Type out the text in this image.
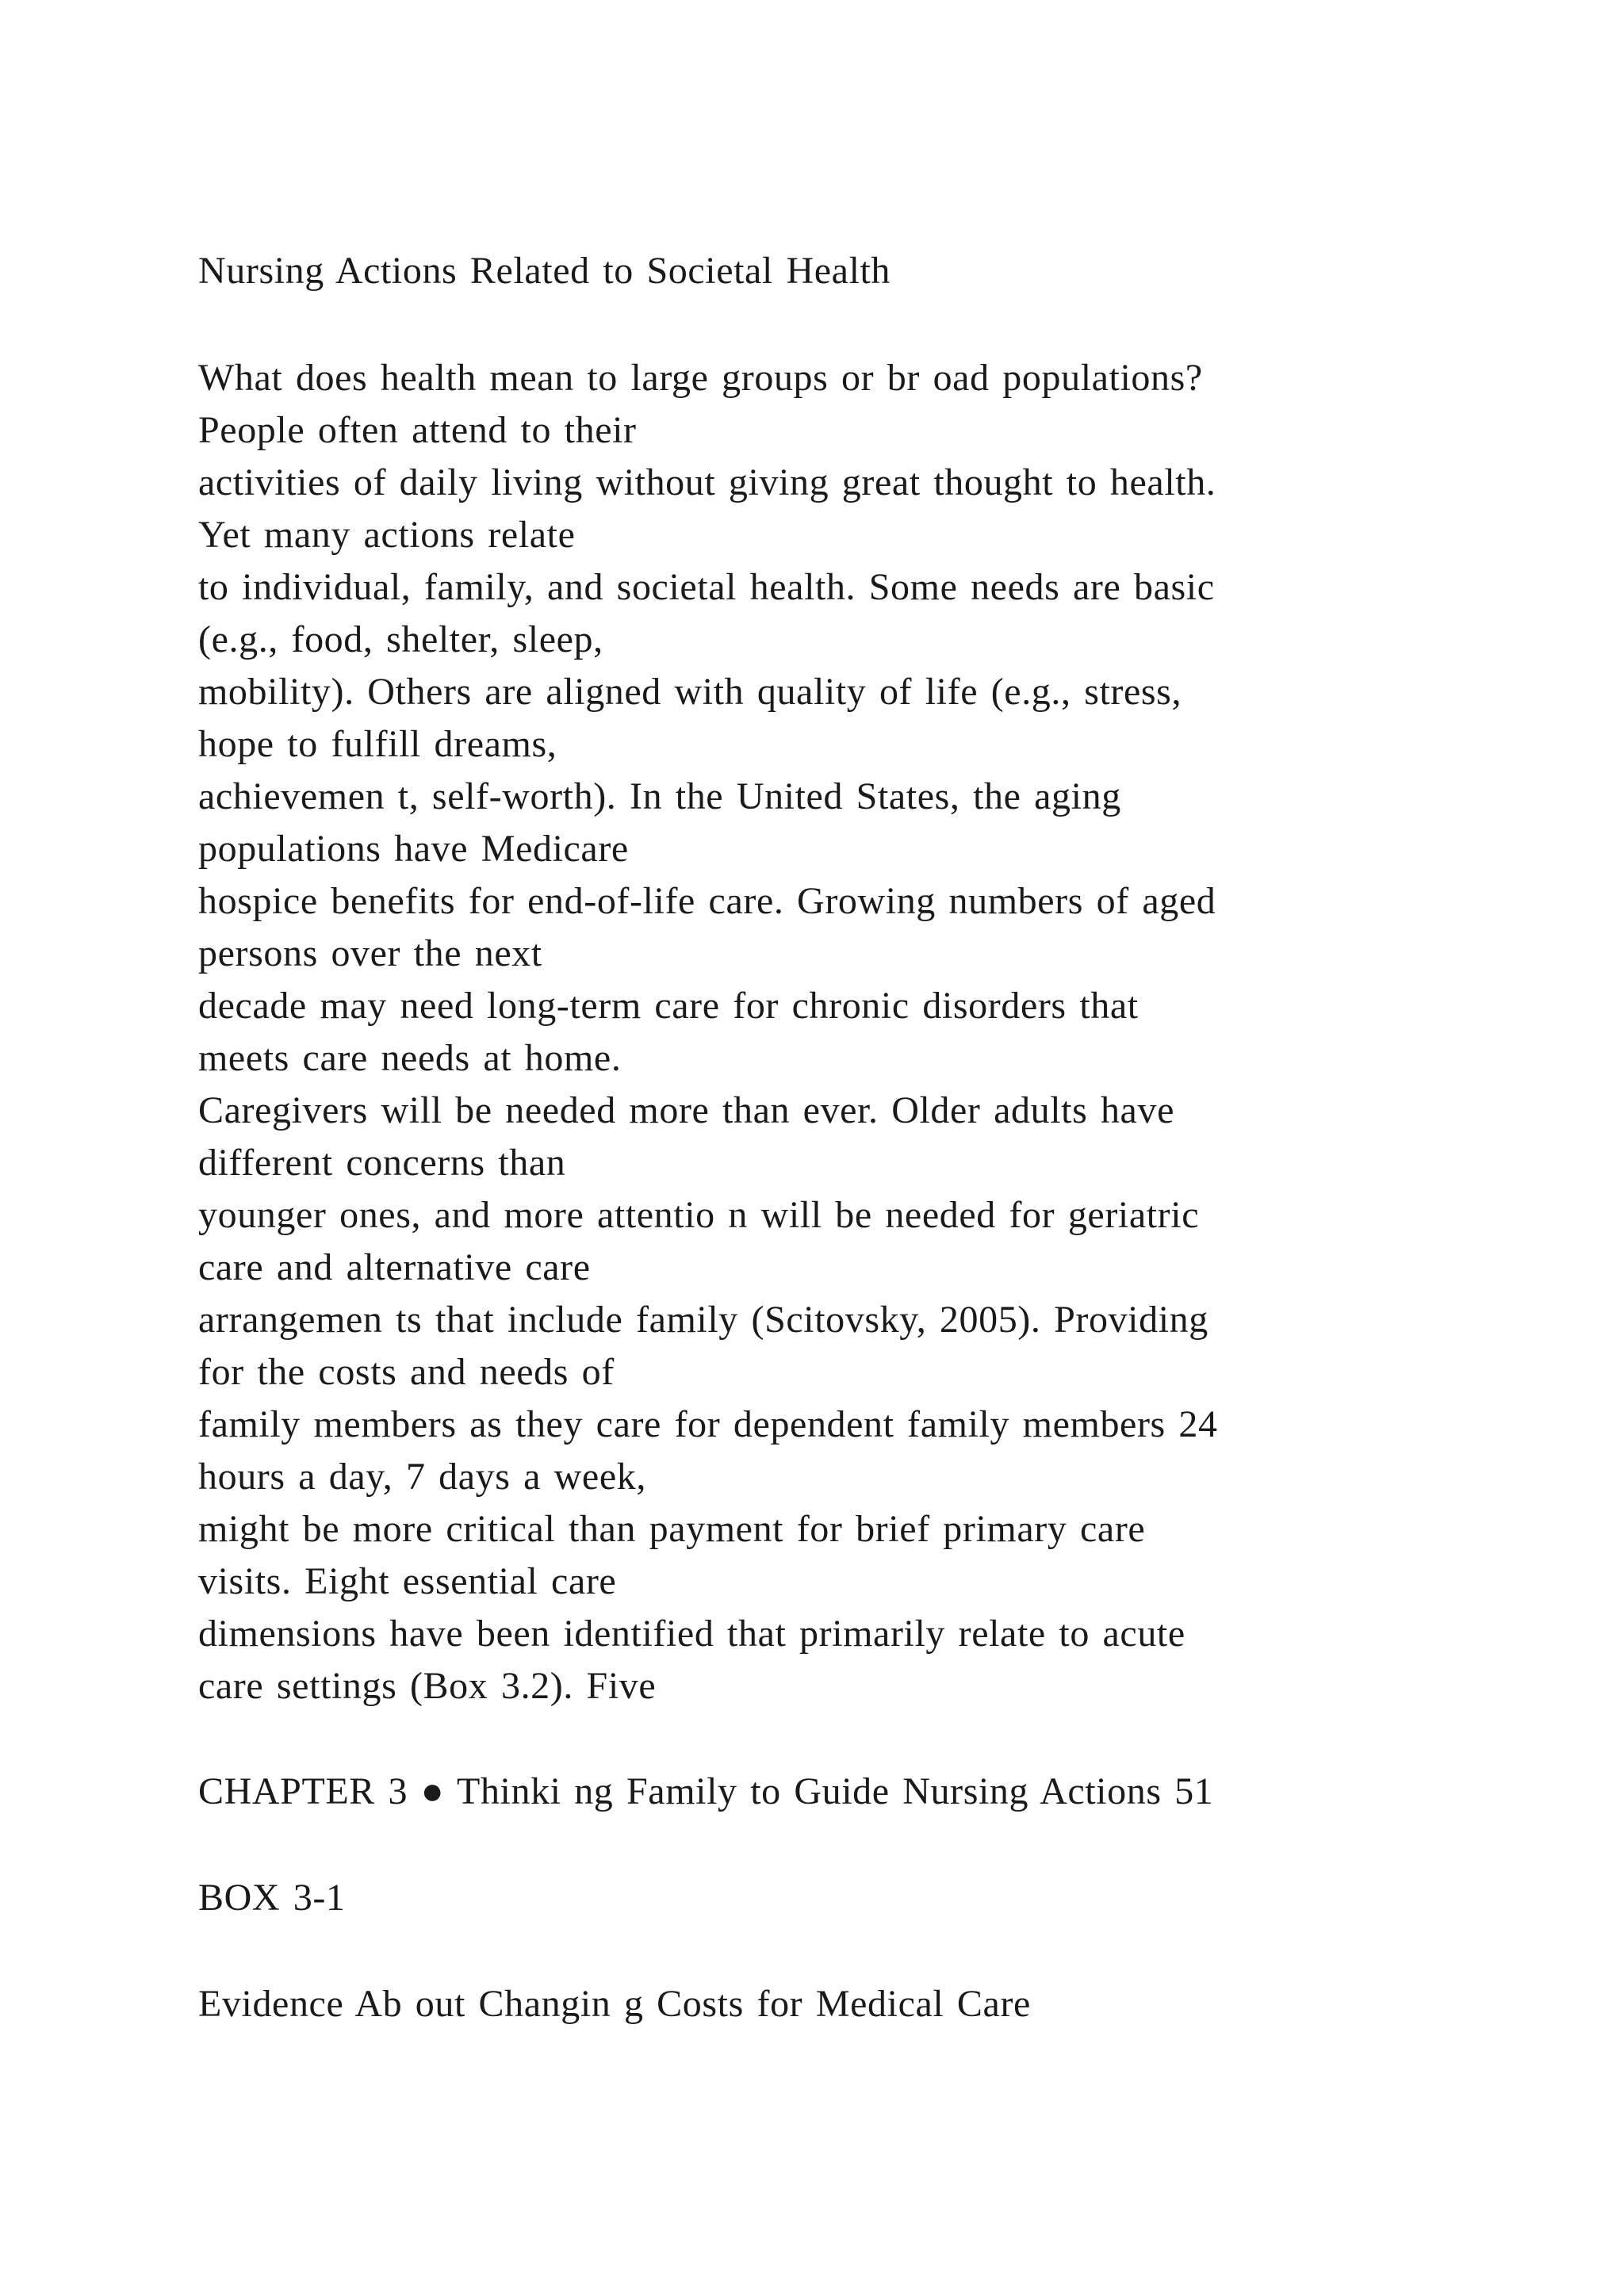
Nursing Actions Related to Societal Health

What does health mean to large groups or br oad populations?

People often attend to their

activities of daily living without giving great thought to health.

Yet many actions relate

to individual, family, and societal health. Some needs are basic

(e.g., food, shelter, sleep,

mobility). Others are aligned with quality of life (e.g., stress,

hope to fulfill dreams,

achievemen t, self-worth). In the United States, the aging

populations have Medicare

hospice benefits for end-of-life care. Growing numbers of aged

persons over the next

decade may need long-term care for chronic disorders that

meets care needs at home.

Caregivers will be needed more than ever. Older adults have

different concerns than

younger ones, and more attentio n will be needed for geriatric

care and alternative care

arrangemen ts that include family (Scitovsky, 2005). Providing

for the costs and needs of

family members as they care for dependent family members 24

hours a day, 7 days a week,

might be more critical than payment for brief primary care

visits. Eight essential care

dimensions have been identified that primarily relate to acute

care settings (Box 3.2). Five

CHAPTER 3 ● Thinki ng Family to Guide Nursing Actions 51

BOX 3-1

Evidence Ab out Changin g Costs for Medical Care
